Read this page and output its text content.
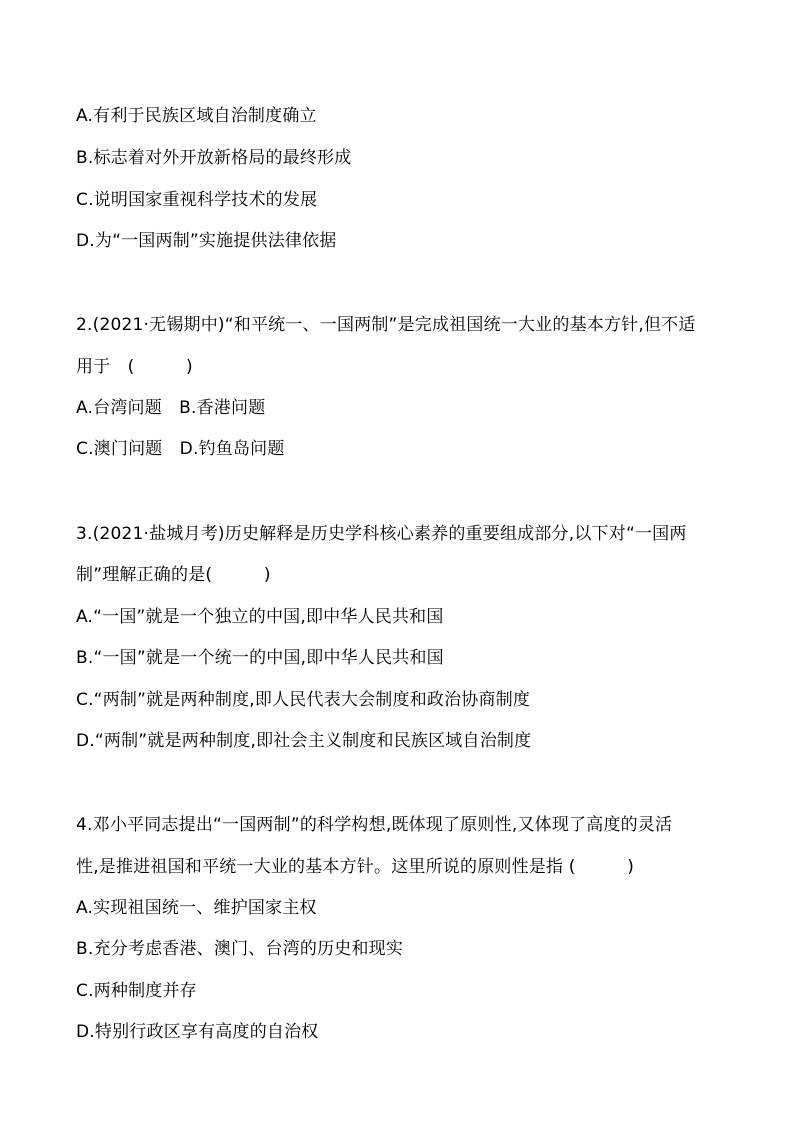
A.有利于民族区域自治制度确立
B.标志着对外开放新格局的最终形成
C.说明国家重视科学技术的发展
D.为“一国两制”实施提供法律依据
2.(2021·无锡期中)“和平统一、一国两制”是完成祖国统一大业的基本方针,但不适
用于　(　　　)
A.台湾问题　B.香港问题
C.澳门问题　D.钓鱼岛问题
3.(2021·盐城月考)历史解释是历史学科核心素养的重要组成部分,以下对“一国两
制”理解正确的是(　　　)
A.“一国”就是一个独立的中国,即中华人民共和国
B.“一国”就是一个统一的中国,即中华人民共和国
C.“两制”就是两种制度,即人民代表大会制度和政治协商制度
D.“两制”就是两种制度,即社会主义制度和民族区域自治制度
4.邓小平同志提出“一国两制”的科学构想,既体现了原则性,又体现了高度的灵活
性,是推进祖国和平统一大业的基本方针。这里所说的原则性是指 (　　　)
A.实现祖国统一、维护国家主权
B.充分考虑香港、澳门、台湾的历史和现实
C.两种制度并存
D.特别行政区享有高度的自治权
